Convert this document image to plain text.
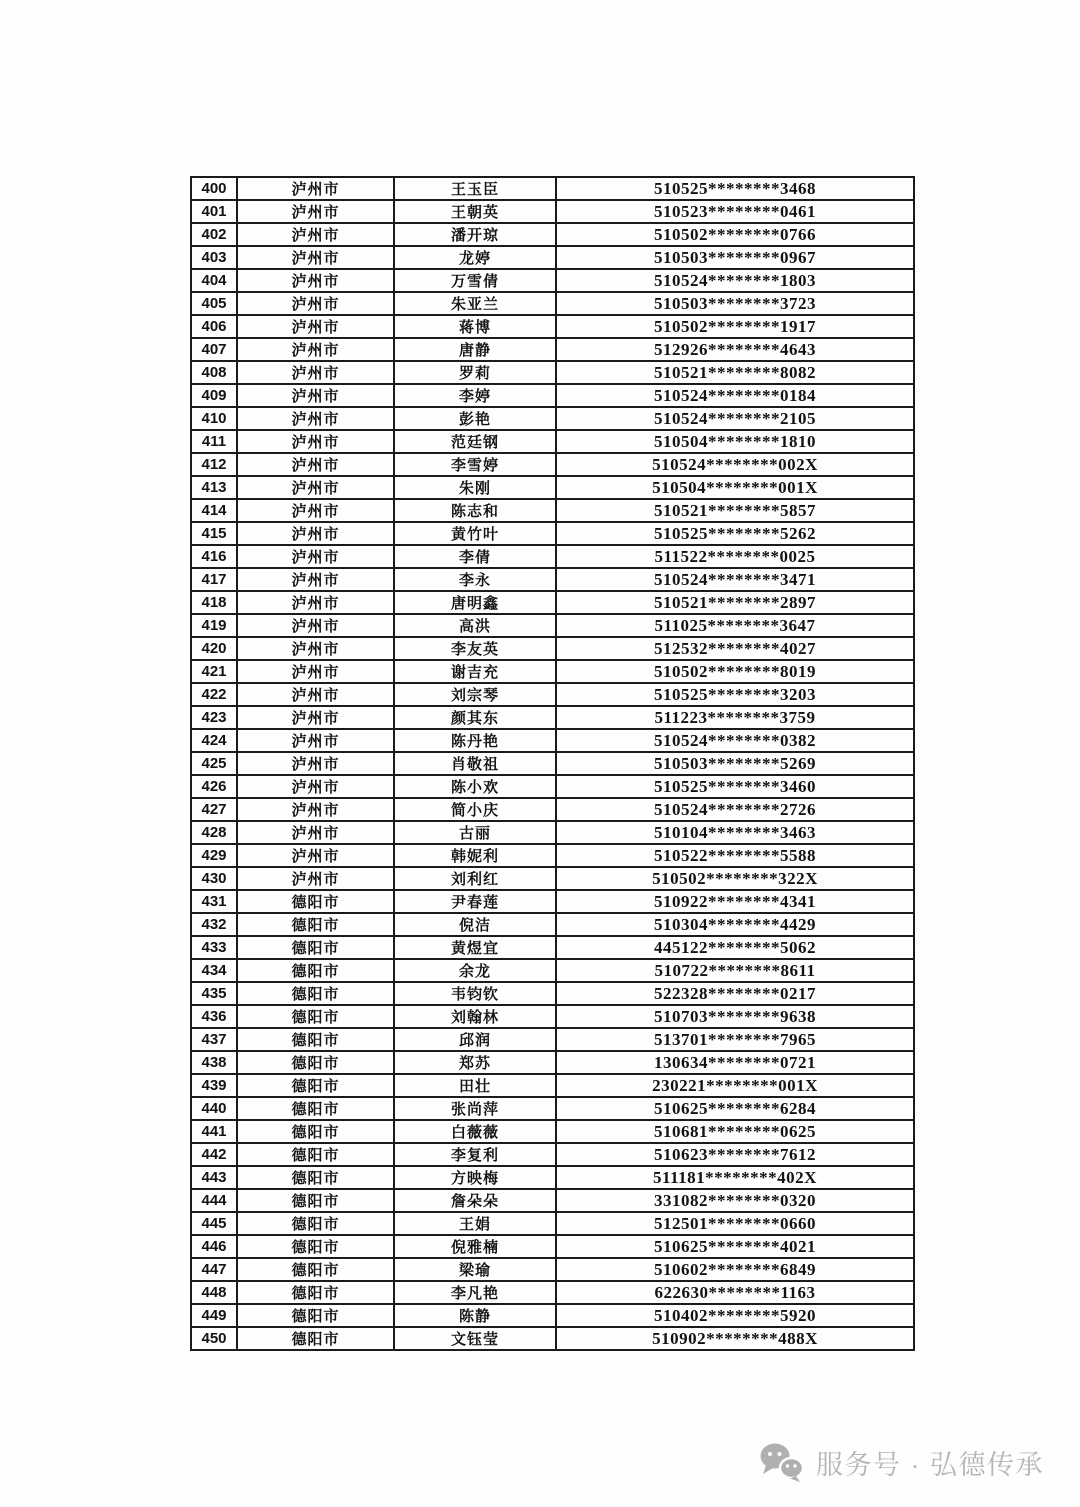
400	泸州市	王玉臣	510525********3468
401	泸州市	王朝英	510523********0461
402	泸州市	潘开琼	510502********0766
403	泸州市	龙婷	510503********0967
404	泸州市	万雪倩	510524********1803
405	泸州市	朱亚兰	510503********3723
406	泸州市	蒋博	510502********1917
407	泸州市	唐静	512926********4643
408	泸州市	罗莉	510521********8082
409	泸州市	李婷	510524********0184
410	泸州市	彭艳	510524********2105
411	泸州市	范廷钢	510504********1810
412	泸州市	李雪婷	510524********002X
413	泸州市	朱刚	510504********001X
414	泸州市	陈志和	510521********5857
415	泸州市	黄竹叶	510525********5262
416	泸州市	李倩	511522********0025
417	泸州市	李永	510524********3471
418	泸州市	唐明鑫	510521********2897
419	泸州市	高洪	511025********3647
420	泸州市	李友英	512532********4027
421	泸州市	谢吉充	510502********8019
422	泸州市	刘宗琴	510525********3203
423	泸州市	颜其东	511223********3759
424	泸州市	陈丹艳	510524********0382
425	泸州市	肖敬祖	510503********5269
426	泸州市	陈小欢	510525********3460
427	泸州市	简小庆	510524********2726
428	泸州市	古丽	510104********3463
429	泸州市	韩妮利	510522********5588
430	泸州市	刘利红	510502********322X
431	德阳市	尹春莲	510922********4341
432	德阳市	倪洁	510304********4429
433	德阳市	黄煜宜	445122********5062
434	德阳市	余龙	510722********8611
435	德阳市	韦钧钦	522328********0217
436	德阳市	刘翰林	510703********9638
437	德阳市	邱润	513701********7965
438	德阳市	郑苏	130634********0721
439	德阳市	田壮	230221********001X
440	德阳市	张尚萍	510625********6284
441	德阳市	白薇薇	510681********0625
442	德阳市	李复利	510623********7612
443	德阳市	方映梅	511181********402X
444	德阳市	詹朵朵	331082********0320
445	德阳市	王娟	512501********0660
446	德阳市	倪雅楠	510625********4021
447	德阳市	梁瑜	510602********6849
448	德阳市	李凡艳	622630********1163
449	德阳市	陈静	510402********5920
450	德阳市	文钰莹	510902********488X
服务号 · 弘德传承
